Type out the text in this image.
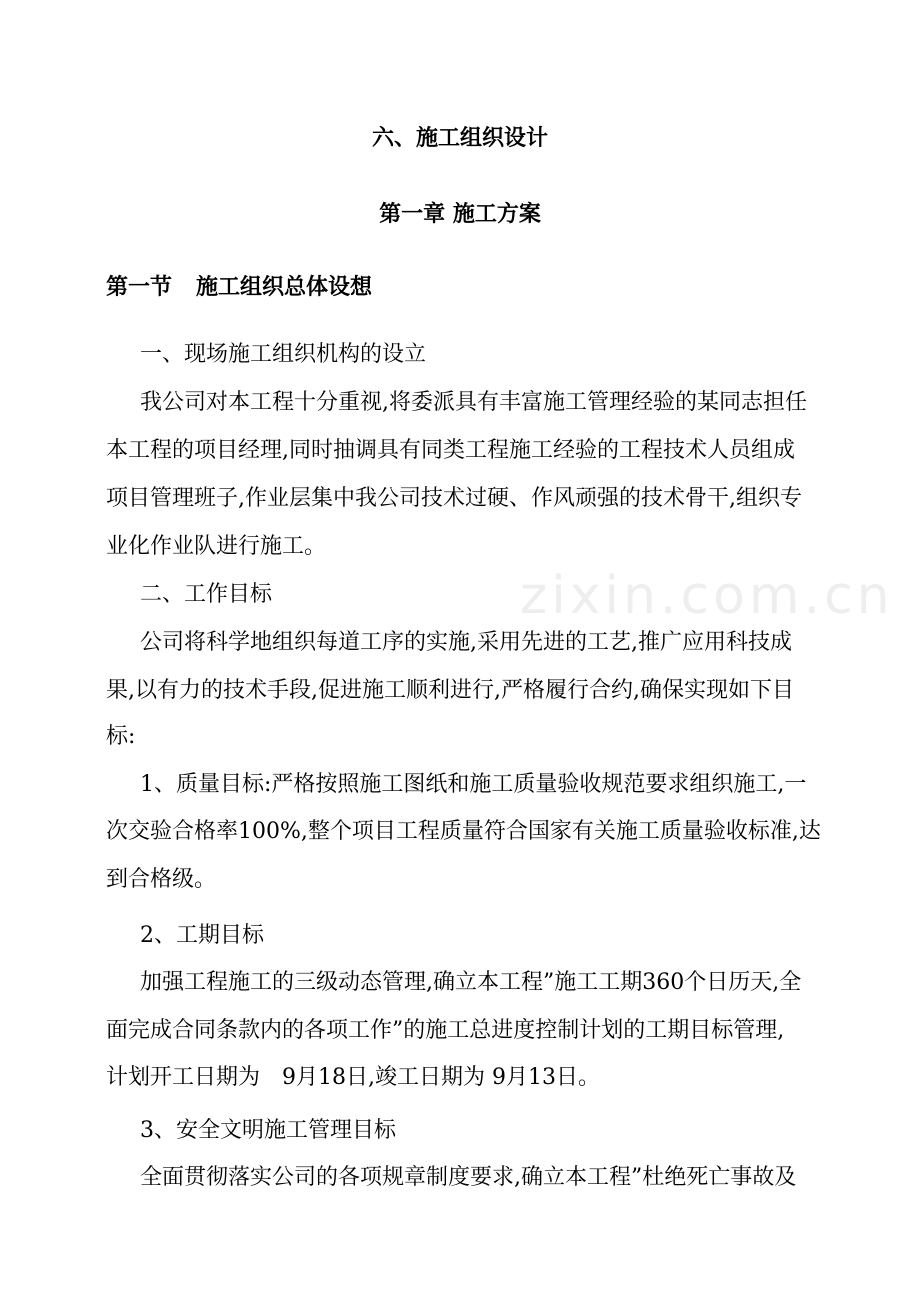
zixin.com.cn
六、施工组织设计
第一章 施工方案
第一节 施工组织总体设想
一、现场施工组织机构的设立
我公司对本工程十分重视,将委派具有丰富施工管理经验的某同志担任
本工程的项目经理,同时抽调具有同类工程施工经验的工程技术人员组成
项目管理班子,作业层集中我公司技术过硬、作风顽强的技术骨干,组织专
业化作业队进行施工。
二、工作目标
公司将科学地组织每道工序的实施,采用先进的工艺,推广应用科技成
果,以有力的技术手段,促进施工顺利进行,严格履行合约,确保实现如下目
标:
1、质量目标:严格按照施工图纸和施工质量验收规范要求组织施工,一
次交验合格率100%,整个项目工程质量符合国家有关施工质量验收标准,达
到合格级。
2、工期目标
加强工程施工的三级动态管理,确立本工程”施工工期360个日历天,全
面完成合同条款内的各项工作”的施工总进度控制计划的工期目标管理,
计划开工日期为　9月18日,竣工日期为 9月13日。
3、安全文明施工管理目标
全面贯彻落实公司的各项规章制度要求,确立本工程”杜绝死亡事故及
